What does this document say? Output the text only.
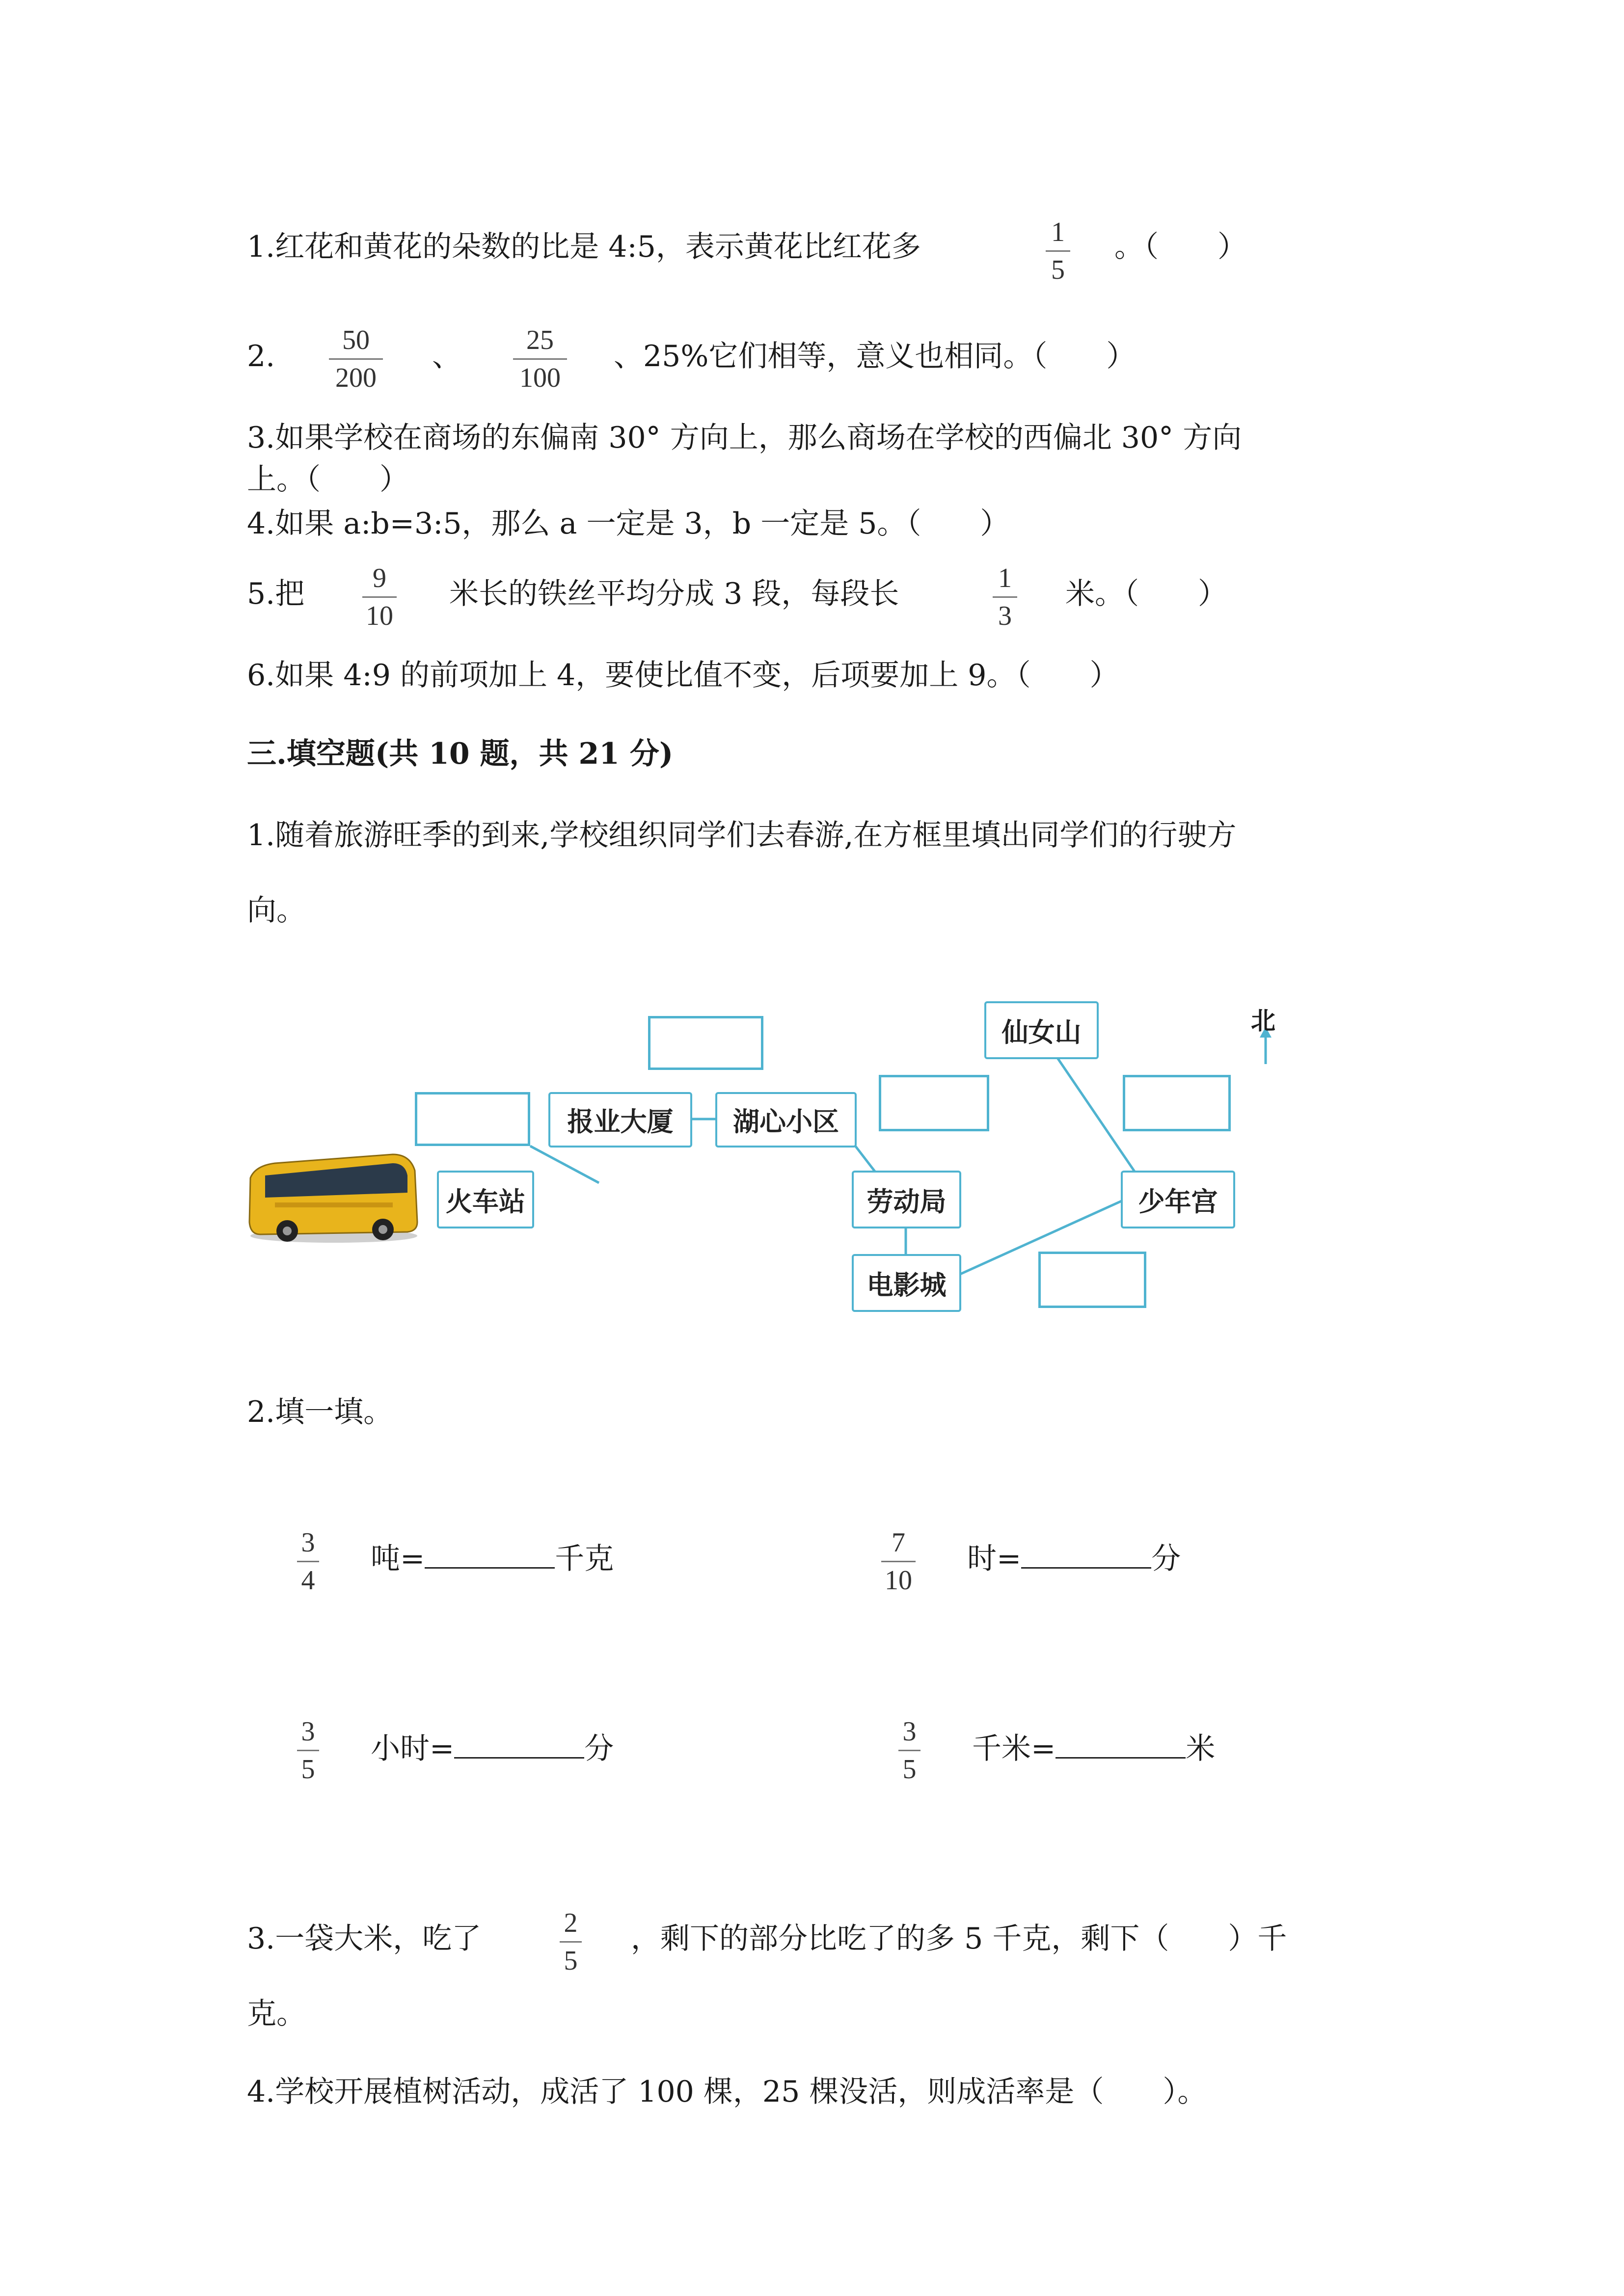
1.红花和黄花的朵数的比是 4:5，表示黄花比红花多	1
5
。（　　）
2.	50
200
、	25
100
、25%它们相等，意义也相同。（　　）
3.如果学校在商场的东偏南 30° 方向上，那么商场在学校的西偏北 30° 方向
上。（　　）
4.如果 a:b=3:5，那么 a 一定是 3，b 一定是 5。（　　）
5.把	9
10
米长的铁丝平均分成 3 段，每段长	1
3
米。（　　）
6.如果 4:9 的前项加上 4，要使比值不变，后项要加上 9。（　　）
三.填空题(共 10 题，共 21 分)
1.随着旅游旺季的到来,学校组织同学们去春游,在方框里填出同学们的行驶方
向。
北
火车站
报业大厦	湖心小区
劳动局
电影城
少年宫
仙女山
2.填一填。
3
4
吨=	千克	7
10
时=	分
3
5
小时=	分	3
5
千米=	米
3.一袋大米，吃了	2
5
，剩下的部分比吃了的多 5 千克，剩下（　　）千
克。
4.学校开展植树活动，成活了 100 棵，25 棵没活，则成活率是（　　）。
